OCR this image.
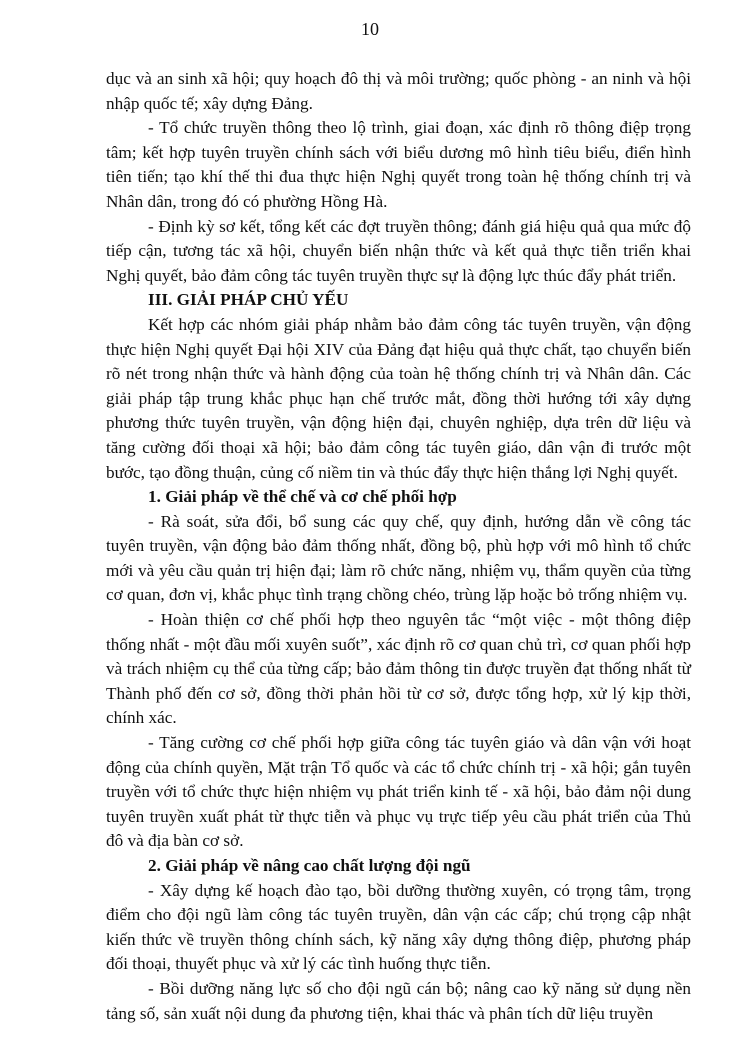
10

dục và an sinh xã hội; quy hoạch đô thị và môi trường; quốc phòng - an ninh và hội nhập quốc tế; xây dựng Đảng.

- Tổ chức truyền thông theo lộ trình, giai đoạn, xác định rõ thông điệp trọng tâm; kết hợp tuyên truyền chính sách với biểu dương mô hình tiêu biểu, điển hình tiên tiến; tạo khí thế thi đua thực hiện Nghị quyết trong toàn hệ thống chính trị và Nhân dân, trong đó có phường Hồng Hà.

- Định kỳ sơ kết, tổng kết các đợt truyền thông; đánh giá hiệu quả qua mức độ tiếp cận, tương tác xã hội, chuyển biến nhận thức và kết quả thực tiễn triển khai Nghị quyết, bảo đảm công tác tuyên truyền thực sự là động lực thúc đẩy phát triển.

III. GIẢI PHÁP CHỦ YẾU

Kết hợp các nhóm giải pháp nhằm bảo đảm công tác tuyên truyền, vận động thực hiện Nghị quyết Đại hội XIV của Đảng đạt hiệu quả thực chất, tạo chuyển biến rõ nét trong nhận thức và hành động của toàn hệ thống chính trị và Nhân dân. Các giải pháp tập trung khắc phục hạn chế trước mắt, đồng thời hướng tới xây dựng phương thức tuyên truyền, vận động hiện đại, chuyên nghiệp, dựa trên dữ liệu và tăng cường đối thoại xã hội; bảo đảm công tác tuyên giáo, dân vận đi trước một bước, tạo đồng thuận, củng cố niềm tin và thúc đẩy thực hiện thắng lợi Nghị quyết.

1. Giải pháp về thể chế và cơ chế phối hợp

- Rà soát, sửa đổi, bổ sung các quy chế, quy định, hướng dẫn về công tác tuyên truyền, vận động bảo đảm thống nhất, đồng bộ, phù hợp với mô hình tổ chức mới và yêu cầu quản trị hiện đại; làm rõ chức năng, nhiệm vụ, thẩm quyền của từng cơ quan, đơn vị, khắc phục tình trạng chồng chéo, trùng lặp hoặc bỏ trống nhiệm vụ.

- Hoàn thiện cơ chế phối hợp theo nguyên tắc “một việc - một thông điệp thống nhất - một đầu mối xuyên suốt”, xác định rõ cơ quan chủ trì, cơ quan phối hợp và trách nhiệm cụ thể của từng cấp; bảo đảm thông tin được truyền đạt thống nhất từ Thành phố đến cơ sở, đồng thời phản hồi từ cơ sở, được tổng hợp, xử lý kịp thời, chính xác.

- Tăng cường cơ chế phối hợp giữa công tác tuyên giáo và dân vận với hoạt động của chính quyền, Mặt trận Tổ quốc và các tổ chức chính trị - xã hội; gắn tuyên truyền với tổ chức thực hiện nhiệm vụ phát triển kinh tế - xã hội, bảo đảm nội dung tuyên truyền xuất phát từ thực tiễn và phục vụ trực tiếp yêu cầu phát triển của Thủ đô và địa bàn cơ sở.

2. Giải pháp về nâng cao chất lượng đội ngũ

- Xây dựng kế hoạch đào tạo, bồi dưỡng thường xuyên, có trọng tâm, trọng điểm cho đội ngũ làm công tác tuyên truyền, dân vận các cấp; chú trọng cập nhật kiến thức về truyền thông chính sách, kỹ năng xây dựng thông điệp, phương pháp đối thoại, thuyết phục và xử lý các tình huống thực tiễn.

- Bồi dưỡng năng lực số cho đội ngũ cán bộ; nâng cao kỹ năng sử dụng nền tảng số, sản xuất nội dung đa phương tiện, khai thác và phân tích dữ liệu truyền
